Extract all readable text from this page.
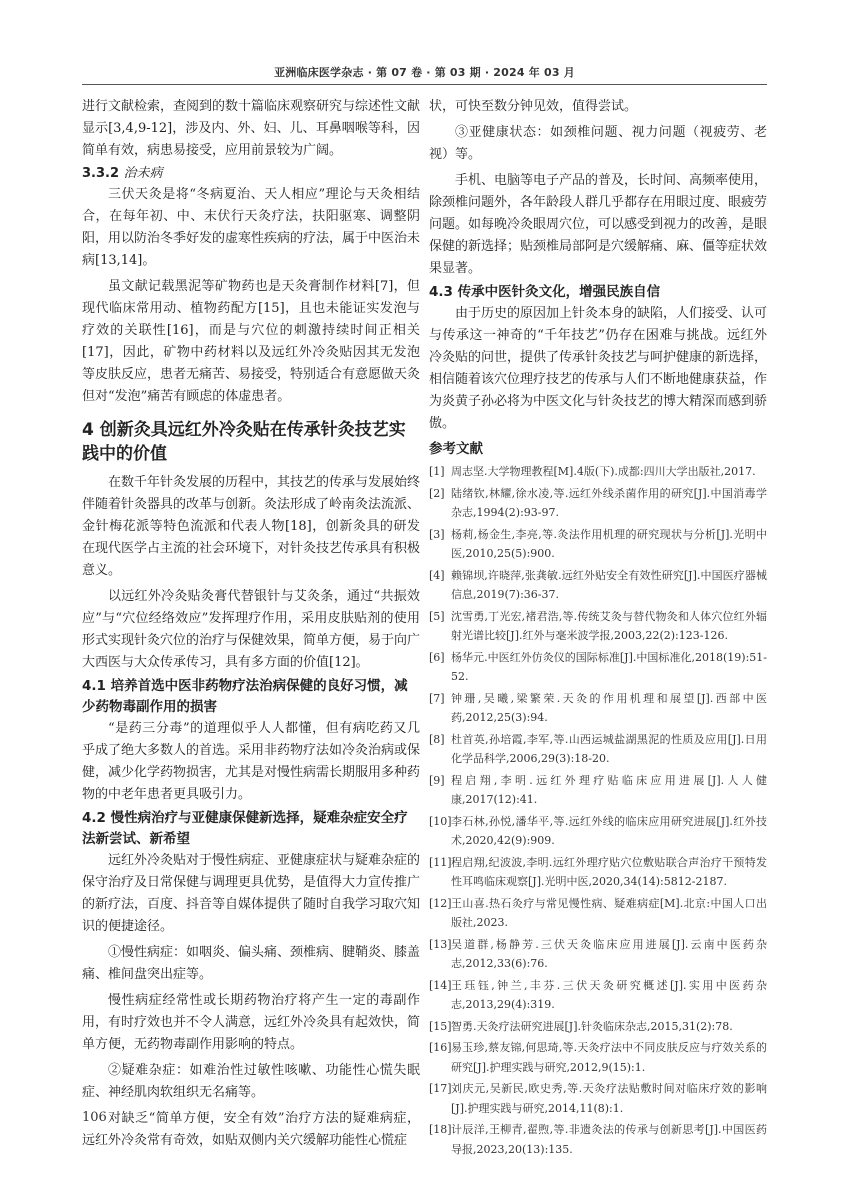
亚洲临床医学杂志 · 第 07 卷 · 第 03 期 · 2024 年 03 月

进行文献检索，查阅到的数十篇临床观察研究与综述性文献显示[3,4,9-12]，涉及内、外、妇、儿、耳鼻咽喉等科，因简单有效，病患易接受，应用前景较为广阔。

3.3.2 治未病

三伏天灸是将“冬病夏治、天人相应”理论与天灸相结合，在每年初、中、末伏行天灸疗法，扶阳驱寒、调整阴阳，用以防治冬季好发的虚寒性疾病的疗法，属于中医治未病[13,14]。

虽文献记载黑泥等矿物药也是天灸膏制作材料[7]，但现代临床常用动、植物药配方[15]，且也未能证实发泡与疗效的关联性[16]，而是与穴位的刺激持续时间正相关[17]，因此，矿物中药材料以及远红外冷灸贴因其无发泡等皮肤反应，患者无痛苦、易接受，特别适合有意愿做天灸但对“发泡”痛苦有顾虑的体虚患者。

4 创新灸具远红外冷灸贴在传承针灸技艺实践中的价值

在数千年针灸发展的历程中，其技艺的传承与发展始终伴随着针灸器具的改革与创新。灸法形成了岭南灸法流派、金针梅花派等特色流派和代表人物[18]，创新灸具的研发在现代医学占主流的社会环境下，对针灸技艺传承具有积极意义。

以远红外冷灸贴灸膏代替银针与艾灸条，通过“共振效应”与“穴位经络效应”发挥理疗作用，采用皮肤贴剂的使用形式实现针灸穴位的治疗与保健效果，简单方便，易于向广大西医与大众传承传习，具有多方面的价值[12]。

4.1 培养首选中医非药物疗法治病保健的良好习惯，减少药物毒副作用的损害

“是药三分毒”的道理似乎人人都懂，但有病吃药又几乎成了绝大多数人的首选。采用非药物疗法如冷灸治病或保健，减少化学药物损害，尤其是对慢性病需长期服用多种药物的中老年患者更具吸引力。

4.2 慢性病治疗与亚健康保健新选择，疑难杂症安全疗法新尝试、新希望

远红外冷灸贴对于慢性病症、亚健康症状与疑难杂症的保守治疗及日常保健与调理更具优势，是值得大力宣传推广的新疗法，百度、抖音等自媒体提供了随时自我学习取穴知识的便捷途径。

①慢性病症：如咽炎、偏头痛、颈椎病、腱鞘炎、膝盖痛、椎间盘突出症等。

慢性病症经常性或长期药物治疗将产生一定的毒副作用，有时疗效也并不令人满意，远红外冷灸具有起效快，简单方便，无药物毒副作用影响的特点。

②疑难杂症：如难治性过敏性咳嗽、功能性心慌失眠症、神经肌肉软组织无名痛等。

对缺乏“简单方便，安全有效”治疗方法的疑难病症，远红外冷灸常有奇效，如贴双侧内关穴缓解功能性心慌症

状，可快至数分钟见效，值得尝试。

③亚健康状态：如颈椎问题、视力问题（视疲劳、老视）等。

手机、电脑等电子产品的普及，长时间、高频率使用，除颈椎问题外，各年龄段人群几乎都存在用眼过度、眼疲劳问题。如每晚冷灸眼周穴位，可以感受到视力的改善，是眼保健的新选择；贴颈椎局部阿是穴缓解痛、麻、僵等症状效果显著。

4.3 传承中医针灸文化，增强民族自信

由于历史的原因加上针灸本身的缺陷，人们接受、认可与传承这一神奇的“千年技艺”仍存在困难与挑战。远红外冷灸贴的问世，提供了传承针灸技艺与呵护健康的新选择，相信随着该穴位理疗技艺的传承与人们不断地健康获益，作为炎黄子孙必将为中医文化与针灸技艺的博大精深而感到骄傲。

参考文献
[1] 周志坚.大学物理教程[M].4版(下).成都:四川大学出版社,2017.
[2] 陆绪钦,林耀,徐水凌,等.远红外线杀菌作用的研究[J].中国消毒学杂志,1994(2):93-97.
[3] 杨莉,杨金生,李亮,等.灸法作用机理的研究现状与分析[J].光明中医,2010,25(5):900.
[4] 赖锦坝,许晓萍,张龚敏.远红外贴安全有效性研究[J].中国医疗器械信息,2019(7):36-37.
[5] 沈雪勇,丁光宏,褚君浩,等.传统艾灸与替代物灸和人体穴位红外辐射光谱比较[J].红外与毫米波学报,2003,22(2):123-126.
[6] 杨华元.中医红外仿灸仪的国际标准[J].中国标准化,2018(19):51-52.
[7] 钟珊,吴曦,梁繁荣.天灸的作用机理和展望[J].西部中医药,2012,25(3):94.
[8] 杜首英,孙培霞,李军,等.山西运城盐湖黑泥的性质及应用[J].日用化学品科学,2006,29(3):18-20.
[9] 程启翔,李明.远红外理疗贴临床应用进展[J].人人健康,2017(12):41.
[10] 李石林,孙悦,潘华平,等.远红外线的临床应用研究进展[J].红外技术,2020,42(9):909.
[11] 程启翔,纪波波,李明.远红外理疗贴穴位敷贴联合声治疗干预特发性耳鸣临床观察[J].光明中医,2020,34(14):5812-2187.
[12] 王山喜.热石灸疗与常见慢性病、疑难病症[M].北京:中国人口出版社,2023.
[13] 吴道群,杨静芳.三伏天灸临床应用进展[J].云南中医药杂志,2012,33(6):76.
[14] 王珏钰,钟兰,丰芬.三伏天灸研究概述[J].实用中医药杂志,2013,29(4):319.
[15] 智勇.天灸疗法研究进展[J].针灸临床杂志,2015,31(2):78.
[16] 易玉珍,蔡友锦,何思琦,等.天灸疗法中不同皮肤反应与疗效关系的研究[J].护理实践与研究,2012,9(15):1.
[17] 刘庆元,吴新民,欧史秀,等.天灸疗法贴敷时间对临床疗效的影响[J].护理实践与研究,2014,11(8):1.
[18] 计辰洋,王柳青,翟煦,等.非遗灸法的传承与创新思考[J].中国医药导报,2023,20(13):135.
106
